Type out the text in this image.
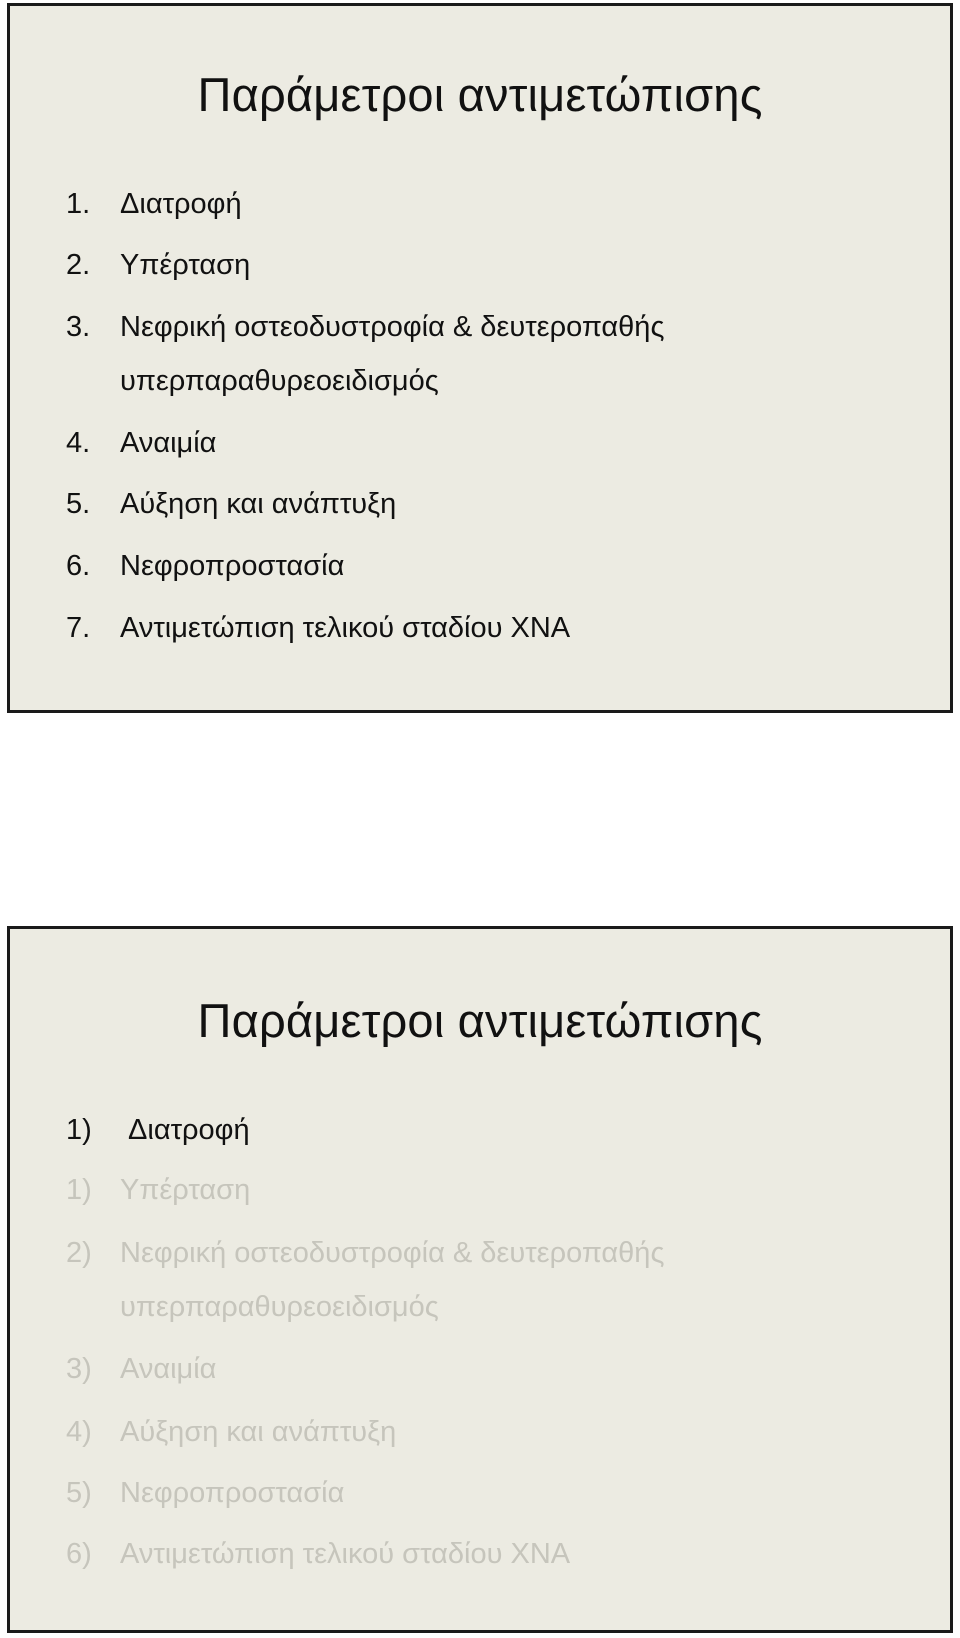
Παράμετροι αντιμετώπισης
1. Διατροφή
2. Υπέρταση
3. Νεφρική οστεοδυστροφία & δευτεροπαθής
υπερπαραθυρεοειδισμός
4. Αναιμία
5. Αύξηση και ανάπτυξη
6. Νεφροπροστασία
7. Αντιμετώπιση τελικού σταδίου ΧΝΑ
Παράμετροι αντιμετώπισης
1) Διατροφή
1) Υπέρταση
2) Νεφρική οστεοδυστροφία & δευτεροπαθής
υπερπαραθυρεοειδισμός
3) Αναιμία
4) Αύξηση και ανάπτυξη
5) Νεφροπροστασία
6) Αντιμετώπιση τελικού σταδίου ΧΝΑ
